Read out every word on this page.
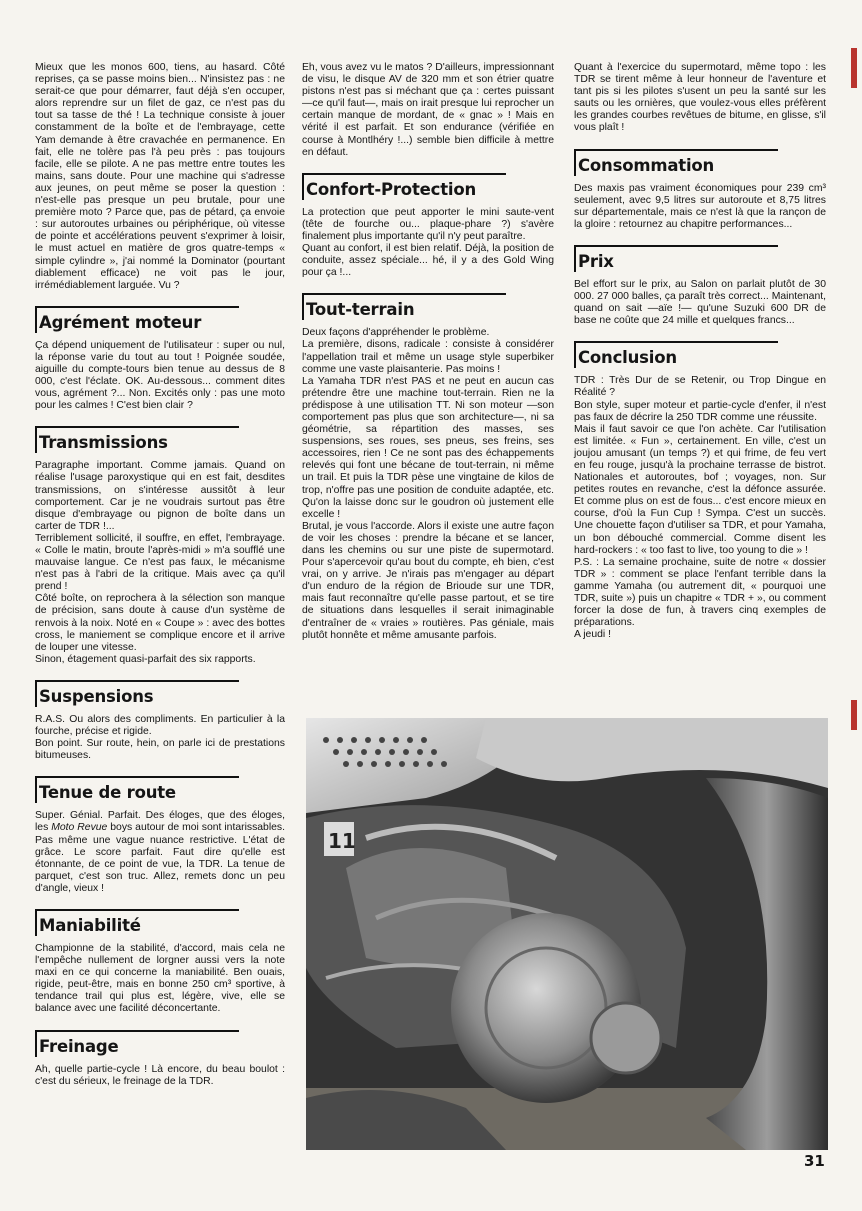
Mieux que les monos 600, tiens, au hasard. Côté reprises, ça se passe moins bien... N'insistez pas : ne serait-ce que pour démarrer, faut déjà s'en occuper, alors reprendre sur un filet de gaz, ce n'est pas du tout sa tasse de thé ! La technique consiste à jouer constamment de la boîte et de l'embrayage, cette Yam demande à être cravachée en permanence. En fait, elle ne tolère pas l'à peu près : pas toujours facile, elle se pilote. A ne pas mettre entre toutes les mains, sans doute. Pour une machine qui s'adresse aux jeunes, on peut même se poser la question : n'est-elle pas presque un peu brutale, pour une première moto ? Parce que, pas de pétard, ça envoie : sur autoroutes urbaines ou périphérique, où vitesse de pointe et accélérations peuvent s'exprimer à loisir, le must actuel en matière de gros quatre-temps « simple cylindre », j'ai nommé la Dominator (pourtant diablement efficace) ne voit pas le jour, irrémédiablement larguée. Vu ?

Agrément moteur

Ça dépend uniquement de l'utilisateur : super ou nul, la réponse varie du tout au tout ! Poignée soudée, aiguille du compte-tours bien tenue au dessus de 8 000, c'est l'éclate. OK. Au-dessous... comment dites vous, agrément ?... Non. Excités only : pas une moto pour les calmes ! C'est bien clair ?

Transmissions

Paragraphe important. Comme jamais. Quand on réalise l'usage paroxystique qui en est fait, desdites transmissions, on s'intéresse aussitôt à leur comportement. Car je ne voudrais surtout pas être disque d'embrayage ou pignon de boîte dans un carter de TDR !...

Terriblement sollicité, il souffre, en effet, l'embrayage. « Colle le matin, broute l'après-midi » m'a soufflé une mauvaise langue. Ce n'est pas faux, le mécanisme n'est pas à l'abri de la critique. Mais avec ça qu'il prend !

Côté boîte, on reprochera à la sélection son manque de précision, sans doute à cause d'un système de renvois à la noix. Noté en « Coupe » : avec des bottes cross, le maniement se complique encore et il arrive de louper une vitesse.

Sinon, étagement quasi-parfait des six rapports.

Suspensions

R.A.S. Ou alors des compliments. En particulier à la fourche, précise et rigide.

Bon point. Sur route, hein, on parle ici de prestations bitumeuses.

Tenue de route

Super. Génial. Parfait. Des éloges, que des éloges, les Moto Revue boys autour de moi sont intarissables. Pas même une vague nuance restrictive. L'état de grâce. Le score parfait. Faut dire qu'elle est étonnante, de ce point de vue, la TDR. La tenue de parquet, c'est son truc. Allez, remets donc un peu d'angle, vieux !

Maniabilité

Championne de la stabilité, d'accord, mais cela ne l'empêche nullement de lorgner aussi vers la note maxi en ce qui concerne la maniabilité. Ben ouais, rigide, peut-être, mais en bonne 250 cm³ sportive, à tendance trail qui plus est, légère, vive, elle se balance avec une facilité déconcertante.

Freinage

Ah, quelle partie-cycle ! Là encore, du beau boulot : c'est du sérieux, le freinage de la TDR.

Eh, vous avez vu le matos ? D'ailleurs, impressionnant de visu, le disque AV de 320 mm et son étrier quatre pistons n'est pas si méchant que ça : certes puissant —ce qu'il faut—, mais on irait presque lui reprocher un certain manque de mordant, de « gnac » ! Mais en vérité il est parfait. Et son endurance (vérifiée en course à Montlhéry !...) semble bien difficile à mettre en défaut.

Confort-Protection

La protection que peut apporter le mini saute-vent (tête de fourche ou... plaque-phare ?) s'avère finalement plus importante qu'il n'y peut paraître.

Quant au confort, il est bien relatif. Déjà, la position de conduite, assez spéciale... hé, il y a des Gold Wing pour ça !...

Tout-terrain

Deux façons d'appréhender le problème.

La première, disons, radicale : consiste à considérer l'appellation trail et même un usage style superbiker comme une vaste plaisanterie. Pas moins !

La Yamaha TDR n'est PAS et ne peut en aucun cas prétendre être une machine tout-terrain. Rien ne la prédispose à une utilisation TT. Ni son moteur —son comportement pas plus que son architecture—, ni sa géométrie, sa répartition des masses, ses suspensions, ses roues, ses pneus, ses freins, ses accessoires, rien ! Ce ne sont pas des échappements relevés qui font une bécane de tout-terrain, ni même un trail. Et puis la TDR pèse une vingtaine de kilos de trop, n'offre pas une position de conduite adaptée, etc. Qu'on la laisse donc sur le goudron où justement elle excelle !

Brutal, je vous l'accorde. Alors il existe une autre façon de voir les choses : prendre la bécane et se lancer, dans les chemins ou sur une piste de supermotard. Pour s'apercevoir qu'au bout du compte, eh bien, c'est vrai, on y arrive. Je n'irais pas m'engager au départ d'un enduro de la région de Brioude sur une TDR, mais faut reconnaître qu'elle passe partout, et se tire de situations dans lesquelles il serait inimaginable d'entraîner de « vraies » routières. Pas géniale, mais plutôt honnête et même amusante parfois.

Quant à l'exercice du supermotard, même topo : les TDR se tirent même à leur honneur de l'aventure et tant pis si les pilotes s'usent un peu la santé sur les sauts ou les ornières, que voulez-vous elles préfèrent les grandes courbes revêtues de bitume, en glisse, s'il vous plaît !

Consommation

Des maxis pas vraiment économiques pour 239 cm³ seulement, avec 9,5 litres sur autoroute et 8,75 litres sur départementale, mais ce n'est là que la rançon de la gloire : retournez au chapitre performances...

Prix

Bel effort sur le prix, au Salon on parlait plutôt de 30 000. 27 000 balles, ça paraît très correct... Maintenant, quand on sait —aïe !— qu'une Suzuki 600 DR de base ne coûte que 24 mille et quelques francs...

Conclusion

TDR : Très Dur de se Retenir, ou Trop Dingue en Réalité ?

Bon style, super moteur et partie-cycle d'enfer, il n'est pas faux de décrire la 250 TDR comme une réussite.

Mais il faut savoir ce que l'on achète. Car l'utilisation est limitée. « Fun », certainement. En ville, c'est un joujou amusant (un temps ?) et qui frime, de feu vert en feu rouge, jusqu'à la prochaine terrasse de bistrot. Nationales et autoroutes, bof ; voyages, non. Sur petites routes en revanche, c'est la défonce assurée. Et comme plus on est de fous... c'est encore mieux en course, d'où la Fun Cup ! Sympa. C'est un succès. Une chouette façon d'utiliser sa TDR, et pour Yamaha, un bon débouché commercial. Comme disent les hard-rockers : « too fast to live, too young to die » !

P.S. : La semaine prochaine, suite de notre « dossier TDR » : comment se place l'enfant terrible dans la gamme Yamaha (ou autrement dit, « pourquoi une TDR, suite ») puis un chapitre « TDR + », ou comment forcer la dose de fun, à travers cinq exemples de préparations.

A jeudi !

11
31
